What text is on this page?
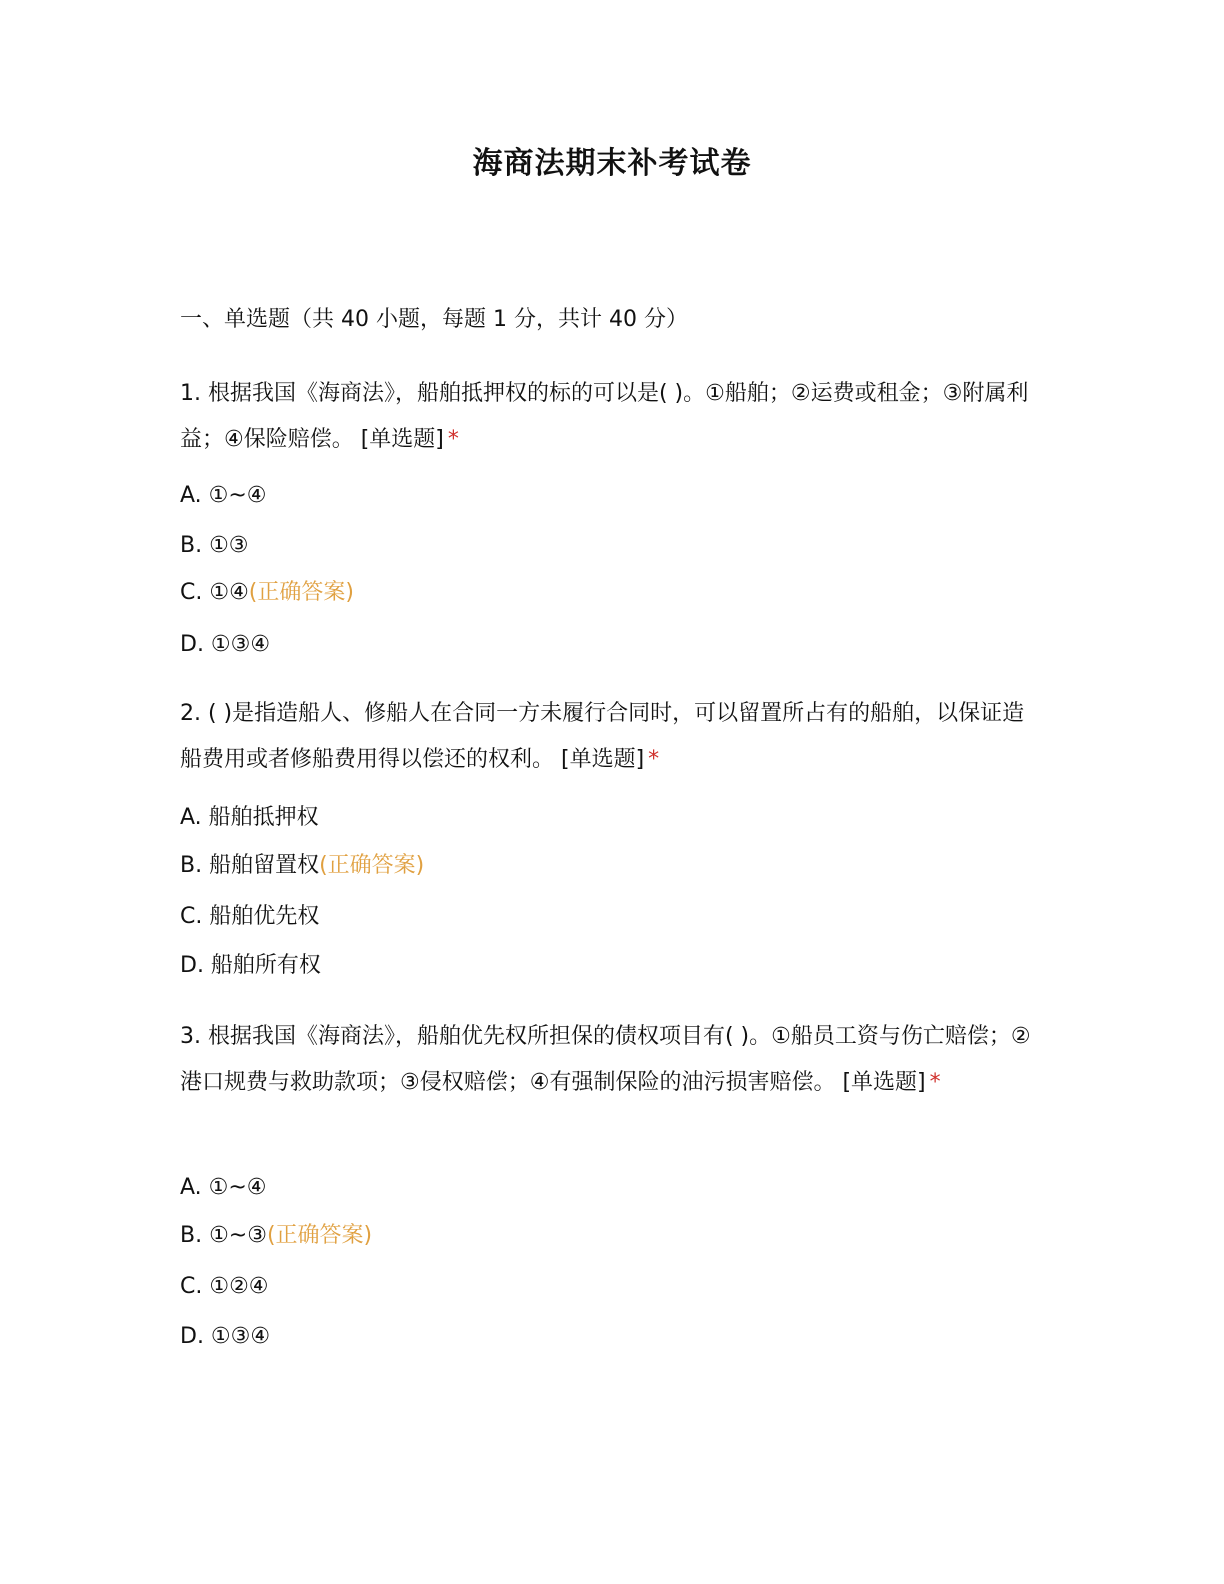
海商法期末补考试卷
一、单选题（共 40 小题，每题 1 分，共计 40 分）
1. 根据我国《海商法》，船舶抵押权的标的可以是( )。①船舶；②运费或租金；③附属利益；④保险赔偿。 [单选题] *
A. ①~④
B. ①③
C. ①④(正确答案)
D. ①③④
2. ( )是指造船人、修船人在合同一方未履行合同时，可以留置所占有的船舶，以保证造船费用或者修船费用得以偿还的权利。 [单选题] *
A. 船舶抵押权
B. 船舶留置权(正确答案)
C. 船舶优先权
D. 船舶所有权
3. 根据我国《海商法》，船舶优先权所担保的债权项目有( )。①船员工资与伤亡赔偿；②港口规费与救助款项；③侵权赔偿；④有强制保险的油污损害赔偿。 [单选题] *
A. ①~④
B. ①~③(正确答案)
C. ①②④
D. ①③④
